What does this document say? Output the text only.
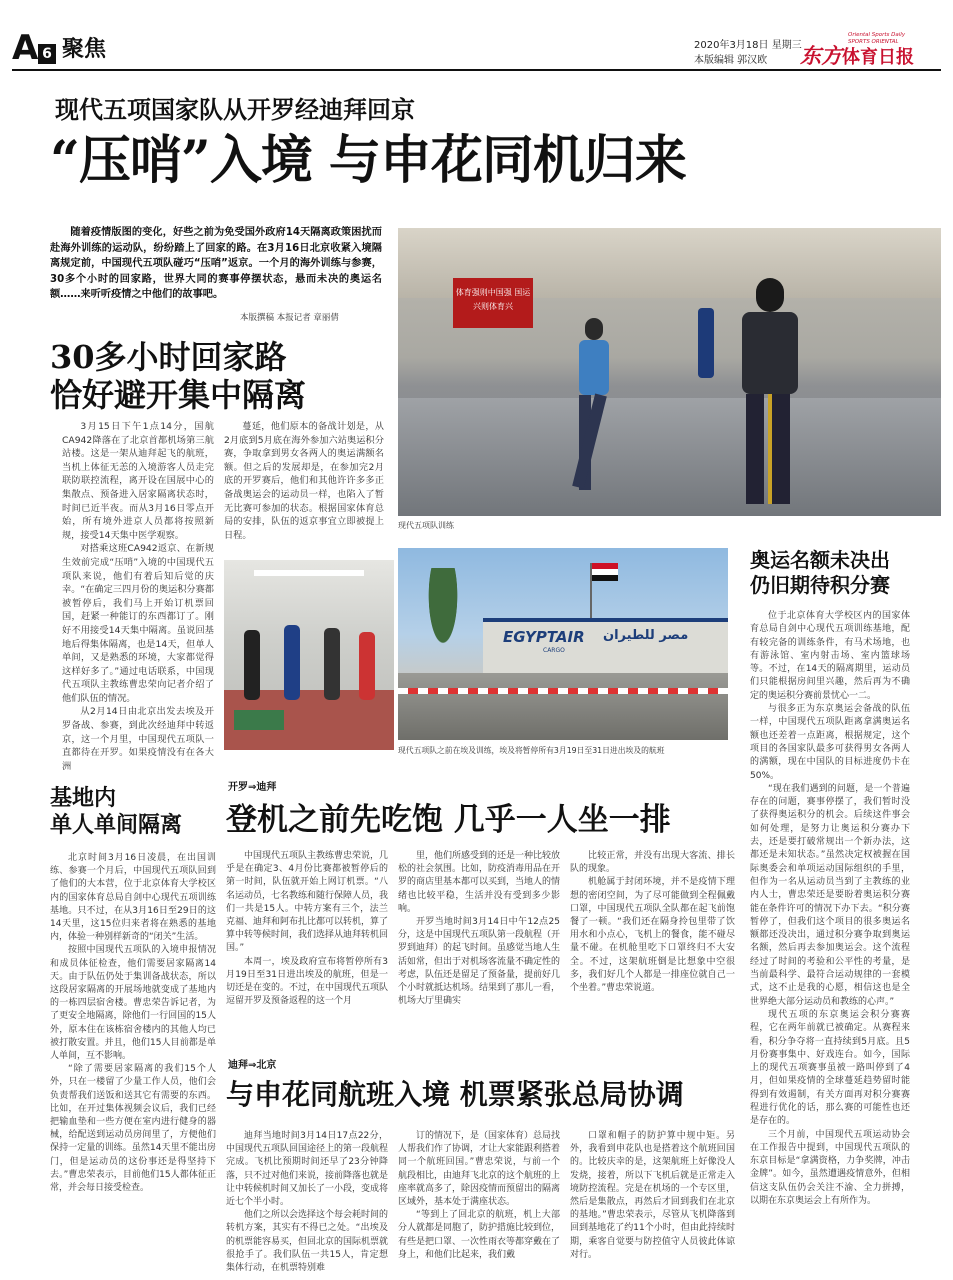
A 6 聚焦	2020年3月18日 星期三
本版编辑 郭汉欧
Oriental Sports Daily
SPORTS ORIENTAL
东方体育日报
现代五项国家队从开罗经迪拜回京
“压哨”入境 与申花同机归来

随着疫情版图的变化，好些之前为免受国外政府14天隔离政策困扰而赴海外训练的运动队，纷纷踏上了回家的路。在3月16日北京收紧入境隔离规定前，中国现代五项队碰巧“压哨”返京。一个月的海外训练与参赛，30多个小时的回家路，世界大同的赛事停摆状态，悬而未决的奥运名额……来听听疫情之中他们的故事吧。

本版撰稿 本报记者 章丽倩
体育强则中国强 国运兴则体育兴
现代五项队训练
30多小时回家路
恰好避开集中隔离

3月15日下午1点14分，国航CA942降落在了北京首都机场第三航站楼。这是一架从迪拜起飞的航班，当机上体征无恙的入境游客人员走完联防联控流程，离开设在国展中心的集散点、预备进入居家隔离状态时，时间已近半夜。而从3月16日零点开始，所有境外进京人员都将按照新规，接受14天集中医学观察。

对搭乘这班CA942返京、在新规生效前完成“压哨”入境的中国现代五项队来说，他们有着后知后觉的庆幸。“在确定三四月份的奥运积分赛都被暂停后，我们马上开始订机票回国，赶紧一种能订的东西都订了。刚好不用接受14天集中隔离。虽说回基地后得集体隔离，也是14天，但单人单间，又是熟悉的环境，大家都觉得这样好多了。”通过电话联系，中国现代五项队主教练曹忠荣向记者介绍了他们队伍的情况。

从2月14日由北京出发去埃及开罗备战、参赛，到此次经迪拜中转返京，这一个月里，中国现代五项队一直都待在开罗。如果疫情没有在各大洲

蔓延，他们原本的备战计划是，从2月底到5月底在海外参加六站奥运积分赛，争取拿到男女各两人的奥运满额名额。但之后的发展却是，在参加完2月底的开罗赛后，他们和其他许许多多正备战奥运会的运动员一样，也陷入了暂无比赛可参加的状态。根据国家体育总局的安排，队伍的返京事宜立即被提上日程。

EGYPTAIR مصر للطيران
CARGO
现代五项队之前在埃及训练，埃及将暂停所有3月19日至31日进出埃及的航班
奥运名额未决出
仍旧期待积分赛

位于北京体育大学校区内的国家体育总局自剑中心现代五项训练基地，配有较完备的训练条件，有马术场地，也有游泳馆、室内射击场、室内篮球场等。不过，在14天的隔离期里，运动员们只能根据房间里兴趣，然后再为不确定的奥运积分赛前景忧心一二。

与很多正为东京奥运会备战的队伍一样，中国现代五项队距离拿满奥运名额也还差着一点距离，根据规定，这个项目的各国家队最多可获得男女各两人的满额，现在中国队的目标进度仍卡在50%。

“现在我们遇到的问题，是一个普遍存在的问题，赛事停摆了，我们暂时没了获得奥运积分的机会。后续这件事会如何处理，是努力让奥运积分赛办下去，还是要打破常规出一个新办法，这都还是未知状态。”虽然决定权被握在国际奥委会和单项运动国际组织的手里，但作为一名从运动员当到了主教练的业内人士，曹忠荣还是要盼着奥运积分赛能在条件许可的情况下办下去。“积分赛暂停了，但我们这个项目的很多奥运名额都还没决出，通过积分赛争取到奥运名额，然后再去参加奥运会。这个流程经过了时间的考验和公平性的考量，是当前最科学、最符合运动规律的一套模式，这不止是我的心愿，相信这也是全世界绝大部分运动员和教练的心声。”

现代五项的东京奥运会积分赛赛程，它在两年前就已被确定。从赛程来看，积分争夺将一直持续到5月底。且5月份赛事集中、好戏连台。如今，国际上的现代五项赛事虽被一路叫停到了4月，但如果疫情的全球蔓延趋势留时能得到有效遏制，有关方面再对积分赛赛程进行优化的话，那么赛的可能性也还是存在的。

三个月前，中国现代五项运动协会在工作报告中提到，中国现代五项队的东京目标是“拿满资格，力争奖牌，冲击金牌”。如今，虽然遭遇疫情意外，但相信这支队伍仍会关注不渝、全力拼搏，以期在东京奥运会上有所作为。

基地内
单人单间隔离

北京时间3月16日凌晨，在出国训练、参赛一个月后，中国现代五项队回到了他们的大本营，位于北京体育大学校区内的国家体育总局自剑中心现代五项训练基地。只不过，在从3月16日至29日的这14天里，这15位归来者将在熟悉的基地内，体验一种别样新奇的“闭关”生活。

按照中国现代五项队的入境申报情况和成员体征检查，他们需要居家隔离14天。由于队伍仍处于集训备战状态，所以这段居家隔离的开展场地就变成了基地内的一栋四层宿舍楼。曹忠荣告诉记者，为了更安全地隔离，除他们一行回国的15人外，原本住在该栋宿舍楼内的其他人均已被打散安置。并且，他们15人目前都是单人单间，互不影响。

“除了需要居家隔离的我们15个人外，只在一楼留了少量工作人员，他们会负责帮我们送饭和送其它有需要的东西。比如，在开过集体视频会议后，我们已经把输血垫和一些方便在室内进行健身的器械，给配送到运动员房间里了，方便他们保持一定量的训练。虽然14天里不能出房门，但是运动员的这份事还是得坚持下去。”曹忠荣表示，目前他们15人都体征正常，并会每日接受检查。

开罗⇒迪拜
登机之前先吃饱 几乎一人坐一排

中国现代五项队主教练曹忠荣说，几乎是在确定3、4月份比赛都被暂停后的第一时间，队伍就开始上网订机票。“八名运动员，七名教练和随行保障人员，我们一共是15人。中转方案有三个，法兰克福、迪拜和阿布扎比都可以转机，算了算中转等候时间，我们选择从迪拜转机回国。”

本周一，埃及政府宣布将暂停所有3月19日至31日进出埃及的航班，但是一切还是在变的。不过，在中国现代五项队逗留开罗及预备返程的这一个月

里，他们所感受到的还是一种比较放松的社会氛围。比如，防疫消毒用品在开罗的商店里基本都可以买到，当地人的情绪也比较平稳，生活并没有受到多少影响。

开罗当地时间3月14日中午12点25分，这是中国现代五项队第一段航程（开罗到迪拜）的起飞时间。虽感觉当地人生活如常，但出于对机场客流量不确定性的考虑，队伍还是留足了预备量，提前好几个小时就抵达机场。结果到了那儿一看，机场大厅里确实

比较正常，并没有出现大客流、排长队的现象。

机舱属于封闭环境，并不是疫情下理想的密闭空间，为了尽可能做到全程佩戴口罩，中国现代五项队全队都在起飞前饱餐了一顿。“我们还在隔身拎包里带了饮用水和小点心，飞机上的餐食，能不碰尽量不碰。在机舱里吃下口罩终归不大安全。不过，这架航班倒是比想象中空很多，我们好几个人都是一排座位就自己一个坐着。”曹忠荣说道。

迪拜⇒北京
与申花同航班入境 机票紧张总局协调

迪拜当地时间3月14日17点22分，中国现代五项队回国途径上的第一段航程完成。飞机比预期时间还早了23分钟降落，只不过对他们来说，接前降落也就是让中转候机时间又加长了一小段，变成将近七个半小时。

他们之所以会选择这个每会耗时间的转机方案，其实有不得已之处。“出埃及的机票能容易买，但回北京的国际机票就很抢手了。我们队伍一共15人，肯定想集体行动，在机票特别难

订的情况下，是（国家体育）总局找人帮我们作了协调，才让大家能跟利搭着同一个航班回国。”曹忠荣说，与前一个航段相比，由迪拜飞北京的这个航班的上座率就高多了，除因疫情而预留出的隔离区域外，基本处于满座状态。

“等到上了回北京的航班，机上大部分人就都是同胞了，防护措施比较到位，有些是把口罩、一次性雨衣等都穿戴在了身上，和他们比起来，我们戴

口罩和帽子的防护算中规中矩。另外，我看到申花队也是搭着这个航班回国的。比较庆幸的是，这架航班上好像没人发烧，接着，所以下飞机后就是正常走入境防控流程。完是在机场的一个专区里，然后是集散点，再然后才回到我们在北京的基地。”曹忠荣表示，尽管从飞机降落到回到基地花了约11个小时，但由此持续时期，乘客自觉要与防控值守人员彼此体谅对行。
